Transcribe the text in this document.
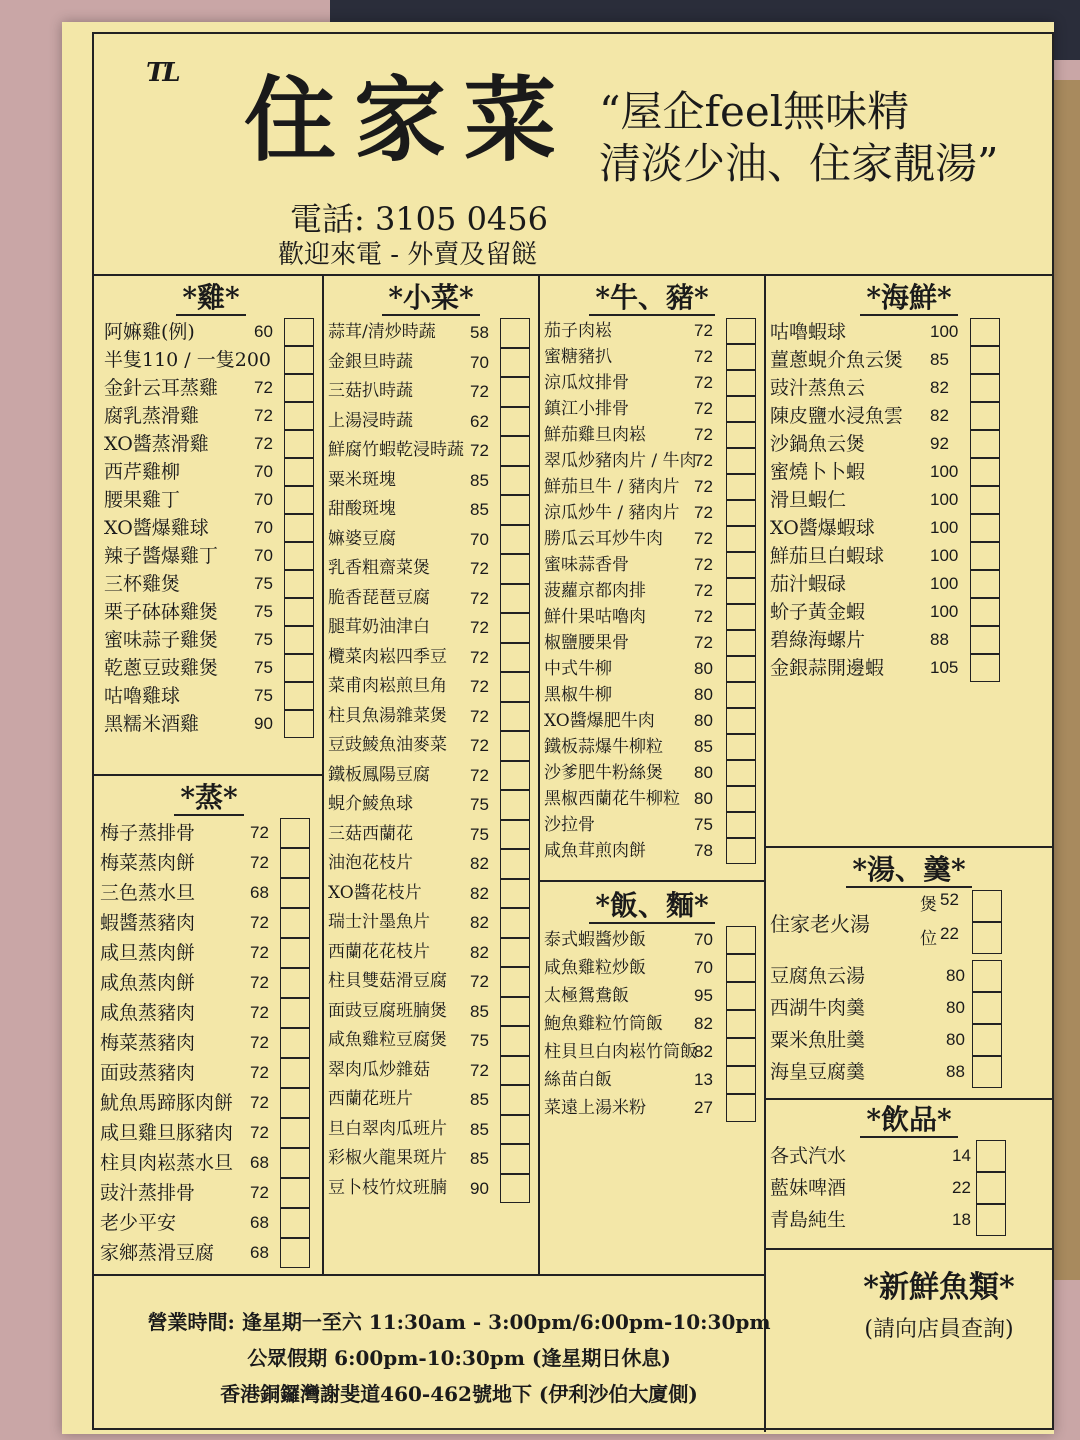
TL 住家菜 “屋企feel無味精
清淡少油、住家靚湯”
電話: 3105 0456
歡迎來電 - 外賣及留餸
*雞*
阿嫲雞(例)	60
半隻110 / 一隻200
金針云耳蒸雞 72
腐乳蒸滑雞	72
XO醬蒸滑雞	72
西芹雞柳	70
腰果雞丁	70
XO醬爆雞球	70
辣子醬爆雞丁 70
三杯雞煲	75
栗子砵砵雞煲 75
蜜味蒜子雞煲 75
乾蔥豆豉雞煲 75
咕嚕雞球	75
黑糯米酒雞	90
*蒸*
梅子蒸排骨	72
梅菜蒸肉餅	72
三色蒸水旦	68
蝦醬蒸豬肉	72
咸旦蒸肉餅	72
咸魚蒸肉餅	72
咸魚蒸豬肉	72
梅菜蒸豬肉	72
面豉蒸豬肉	72
魷魚馬蹄豚肉餅 72
咸旦雞旦豚豬肉 72
柱貝肉崧蒸水旦 68
豉汁蒸排骨	72
老少平安	68
家鄉蒸滑豆腐 68
*小菜*
蒜茸/清炒時蔬 58
金銀旦時蔬	70
三菇扒時蔬	72
上湯浸時蔬	62
鮮腐竹蝦乾浸時蔬 72
粟米斑塊	85
甜酸斑塊	85
嫲婆豆腐	70
乳香粗齋菜煲 72
脆香琵琶豆腐 72
腿茸奶油津白 72
欖菜肉崧四季豆 72
菜甫肉崧煎旦角 72
柱貝魚湯雜菜煲 72
豆豉鯪魚油麥菜 72
鐵板鳳陽豆腐 72
蜆介鯪魚球	75
三菇西蘭花	75
油泡花枝片	82
XO醬花枝片	82
瑞士汁墨魚片 82
西蘭花花枝片 82
柱貝雙菇滑豆腐 72
面豉豆腐班腩煲 85
咸魚雞粒豆腐煲 75
翠肉瓜炒雜菇 72
西蘭花班片	85
旦白翠肉瓜班片 85
彩椒火龍果斑片 85
豆卜枝竹炆班腩 90
*牛、豬*
茄子肉崧	72
蜜糖豬扒	72
涼瓜炆排骨	72
鎮江小排骨	72
鮮茄雞旦肉崧	72
翠瓜炒豬肉片 / 牛肉
72
鮮茄旦牛 / 豬肉片 72
涼瓜炒牛 / 豬肉片 72
勝瓜云耳炒牛肉 72
蜜味蒜香骨	72
菠蘿京都肉排	72
鮮什果咕嚕肉	72
椒鹽腰果骨	72
中式牛柳	80
黑椒牛柳	80
XO醬爆肥牛肉 80
鐵板蒜爆牛柳粒 85
沙爹肥牛粉絲煲 80
黑椒西蘭花牛柳粒 80
沙拉骨	75
咸魚茸煎肉餅	78
*飯、麵*
泰式蝦醬炒飯	70
咸魚雞粒炒飯	70
太極鴛鴦飯	95
鮑魚雞粒竹筒飯 82
柱貝旦白肉崧竹筒飯
82
絲苗白飯	13
菜遠上湯米粉	27
*海鮮*
咕嚕蝦球	100
薑蔥蜆介魚云煲 85
豉汁蒸魚云	82
陳皮鹽水浸魚雲 82
沙鍋魚云煲	92
蜜燒卜卜蝦	100
滑旦蝦仁	100
XO醬爆蝦球	100
鮮茄旦白蝦球	100
茄汁蝦碌	100
蚧子黃金蝦	100
碧綠海螺片	88
金銀蒜開邊蝦	105
*湯、羹*
住家老火湯
煲 52
位 22
豆腐魚云湯	80
西湖牛肉羹	80
粟米魚肚羹	80
海皇豆腐羹	88
*飲品*
各式汽水	14
藍妹啤酒	22
青島純生	18
*新鮮魚類*
(請向店員查詢)
營業時間: 逢星期一至六 11:30am - 3:00pm/6:00pm-10:30pm
公眾假期 6:00pm-10:30pm (逢星期日休息)
香港銅鑼灣謝斐道460-462號地下 (伊利沙伯大廈側)
